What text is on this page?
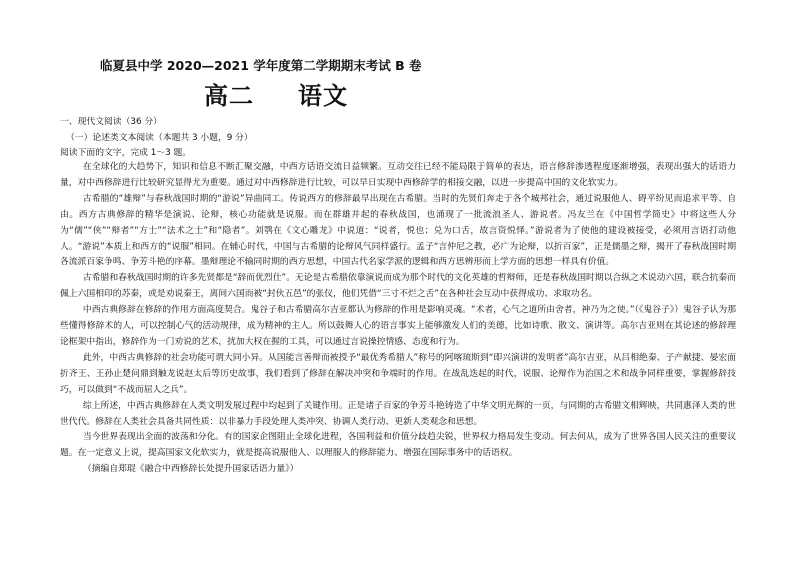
临夏县中学 2020—2021 学年度第二学期期末考试 B 卷
高二 语文
一、现代文阅读（36 分）
（一）论述类文本阅读（本题共 3 小题，9 分）
阅读下面的文字，完成 1～3 题。

在全球化的大趋势下，知识和信息不断汇聚交融，中西方话语交流日益频繁。互动交往已经不能局限于简单的表达，语言修辞渗透程度逐渐增强，表现出强大的话语力量，对中西修辞进行比较研究显得尤为重要。通过对中西修辞进行比较，可以早日实现中西修辞学的相接交融，以进一步提高中国的文化软实力。

古希腊的“雄辩”与春秋战国时期的“游说”异曲同工。传说西方的修辞最早出现在古希腊。当时的先贤们奔走于各个城邦社会，通过说服他人、碍平纷见而追求平等、自由。西方古典修辞的精华是演说、论辩，核心功能就是说服。而在群雄并起的春秋战国，也涌现了一批流浪圣人、游说者。冯友兰在《中国哲学简史》中将这些人分为“儒”“侠”“辩者”“方士”“法术之士”和“隐者”。刘鹗在《文心雕龙》中说道：“说者，悦也；兑为口舌，故言资悦怿。”游说者为了使他的建设被接受，必须用言语打动他人。“游说”本质上和西方的“说服”相同。在辅心时代，中国与古希腊的论辩风气同样盛行。孟子“言仲尼之教，必广为论辩，以折百家”，正是儒墨之辩，揭开了春秋战国时期各流派百家争鸣、争芳斗艳的序幕。墨辩理论不输同时期的西方思想，中国古代名家学派的逻辑和西方思辨形而上学方面的思想一样具有价值。

古希腊和春秋战国时期的许多先贤都是“辞而优烈仕”。无论是古希腊依靠演说而成为那个时代的文化英雄的哲辩师，还是春秋战国时期以合纵之术说动六国，联合抗秦而佩上六国相印的苏秦，或是劝说秦王，离间六国而被“封伙五邑”的张仪，他们凭借“三寸不烂之舌”在各种社会互动中获得成功、求取功名。

中西古典修辞在修辞的作用方面高度契合。鬼谷子和古希腊高尔吉亚都认为修辞的作用是影响灵魂。“术者，心气之道所由舍者，神乃为之使。”（《鬼谷子》）鬼谷子认为那些懂得修辞术的人，可以控制心气的活动规律，成为精神的主人。所以鼓舞人心的语言事实上能够激发人们的美德，比如诗歌、散文、演讲等。高尔吉亚则在其论述的修辞理论框架中指出，修辞作为一门劝说的艺术，扰加大权在握的工具，可以通过言说操控情感、态度和行为。

此外，中西古典修辞的社会功能可谓大同小异。从国能言善辩而被授予“最优秀希腊人”称号的阿喀琉斯到“即兴演讲的发明者”高尔吉亚，从吕相绝秦、子产献捷、晏宏面折齐王、王孙止楚问鼎到触龙说赵太后等历史故事，我们看到了修辞在解决冲突和争端时的作用。在战乱迭起的时代，说服、论辩作为治国之术和战争同样重要，掌握修辞技巧，可以做到“不战而屈人之兵”。

综上所述，中西古典修辞在人类文明发展过程中均起到了关键作用。正是诸子百家的争芳斗艳铸造了中华文明光辉的一页，与同期的古希腊文相辉映，共同惠泽人类的世世代代。修辞在人类社会具备共同性质：以非暴力手段处理人类冲突、协调人类行动、更新人类观念和思想。

当今世界表现出全面的波荡和分化。有的国家企图阻止全球化进程，各国利益和价值分歧趋尖锐，世界权力格局发生变动。何去何从，成为了世界各国人民关注的重要议题。在一定意义上说，提高国家文化软实力，就是提高说服他人、以理服人的修辞能力、增强在国际事务中的话语权。

（摘编自郑琨《融合中西修辞长处提升国家话语力量》）
